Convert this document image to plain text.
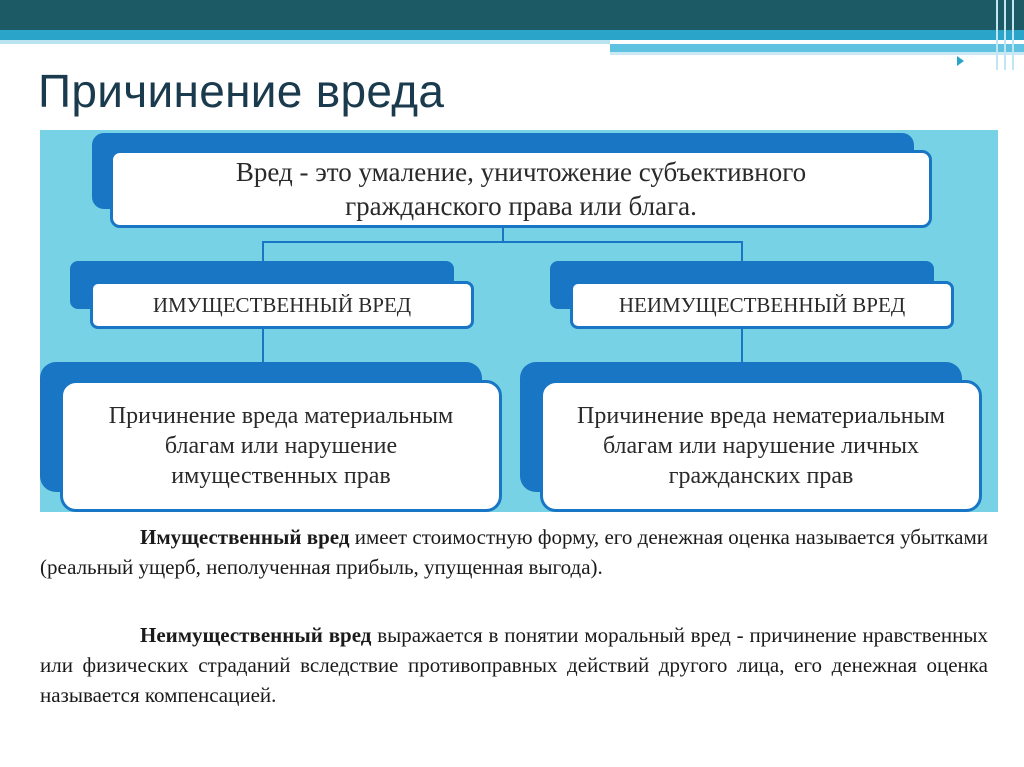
Причинение вреда
Вред - это умаление, уничтожение субъективного гражданского права или блага.
ИМУЩЕСТВЕННЫЙ ВРЕД	НЕИМУЩЕСТВЕННЫЙ ВРЕД
Причинение вреда материальным благам или нарушение имущественных прав
Причинение вреда нематериальным благам или нарушение личных гражданских прав
Имущественный вред имеет стоимостную форму, его денежная оценка называется убытками (реальный ущерб, неполученная прибыль, упущенная выгода).
Неимущественный вред выражается в понятии моральный вред - причинение нравственных или физических страданий вследствие противоправных действий другого лица, его денежная оценка называется компенсацией.
